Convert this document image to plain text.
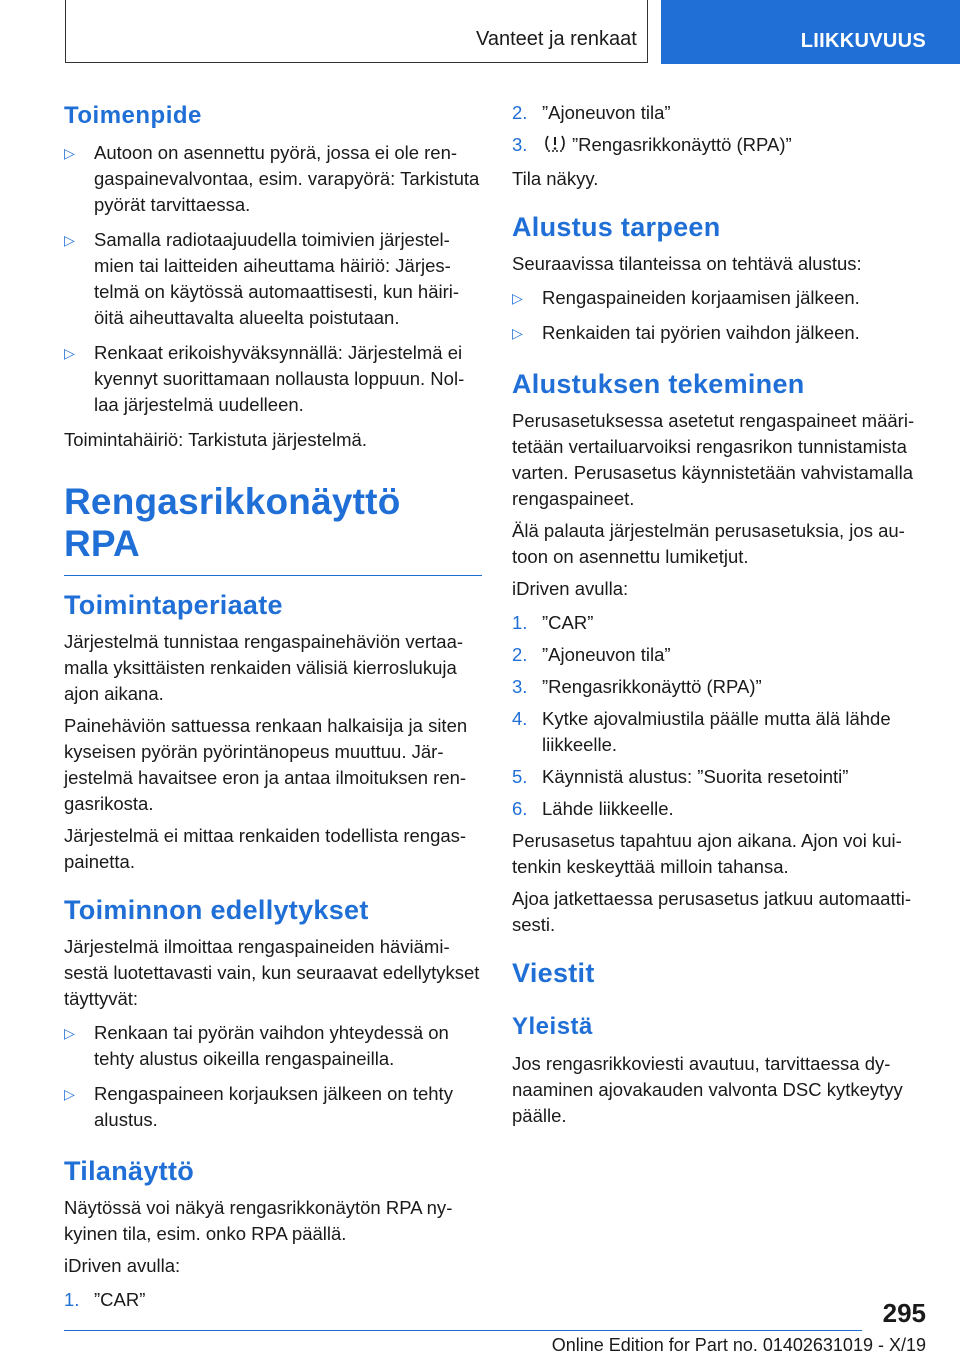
Vanteet ja renkaat	LIIKKUVUUS
Toimenpide
▷ Autoon on asennettu pyörä, jossa ei ole rengaspainevalvontaa, esim. varapyörä: Tarkistuta pyörät tarvittaessa.
▷ Samalla radiotaajuudella toimivien järjestelmien tai laitteiden aiheuttama häiriö: Järjestelmä on käytössä automaattisesti, kun häiriöitä aiheuttavalta alueelta poistutaan.
▷ Renkaat erikoishyväksynnällä: Järjestelmä ei kyennyt suorittamaan nollausta loppuun. Nollaa järjestelmä uudelleen.

Toimintahäiriö: Tarkistuta järjestelmä.

Rengasrikkonäyttö RPA
Toimintaperiaate

Järjestelmä tunnistaa rengaspainehäviön vertaamalla yksittäisten renkaiden välisiä kierroslukuja ajon aikana.

Painehäviön sattuessa renkaan halkaisija ja siten kyseisen pyörän pyörintänopeus muuttuu. Järjestelmä havaitsee eron ja antaa ilmoituksen rengasrikosta.

Järjestelmä ei mittaa renkaiden todellista rengaspainetta.

Toiminnon edellytykset

Järjestelmä ilmoittaa rengaspaineiden häviämisestä luotettavasti vain, kun seuraavat edellytykset täyttyvät:

▷ Renkaan tai pyörän vaihdon yhteydessä on tehty alustus oikeilla rengaspaineilla.
▷ Rengaspaineen korjauksen jälkeen on tehty alustus.
Tilanäyttö

Näytössä voi näkyä rengasrikkonäytön RPA nykyinen tila, esim. onko RPA päällä.

iDriven avulla:

1. ”CAR”
2. ”Ajoneuvon tila”
3. ”Rengasrikkonäyttö (RPA)”

Tila näkyy.

Alustus tarpeen

Seuraavissa tilanteissa on tehtävä alustus:

▷ Rengaspaineiden korjaamisen jälkeen.
▷ Renkaiden tai pyörien vaihdon jälkeen.
Alustuksen tekeminen

Perusasetuksessa asetetut rengaspaineet määritetään vertailuarvoiksi rengasrikon tunnistamista varten. Perusasetus käynnistetään vahvistamalla rengaspaineet.

Älä palauta järjestelmän perusasetuksia, jos autoon on asennettu lumiketjut.

iDriven avulla:

1. ”CAR”
2. ”Ajoneuvon tila”
3. ”Rengasrikkonäyttö (RPA)”
4. Kytke ajovalmiustila päälle mutta älä lähde liikkeelle.
5. Käynnistä alustus: ”Suorita resetointi”
6. Lähde liikkeelle.

Perusasetus tapahtuu ajon aikana. Ajon voi kuitenkin keskeyttää milloin tahansa.

Ajoa jatkettaessa perusasetus jatkuu automaattisesti.

Viestit
Yleistä

Jos rengasrikkoviesti avautuu, tarvittaessa dynaaminen ajovakauden valvonta DSC kytkeytyy päälle.

295
Online Edition for Part no. 01402631019 - X/19
